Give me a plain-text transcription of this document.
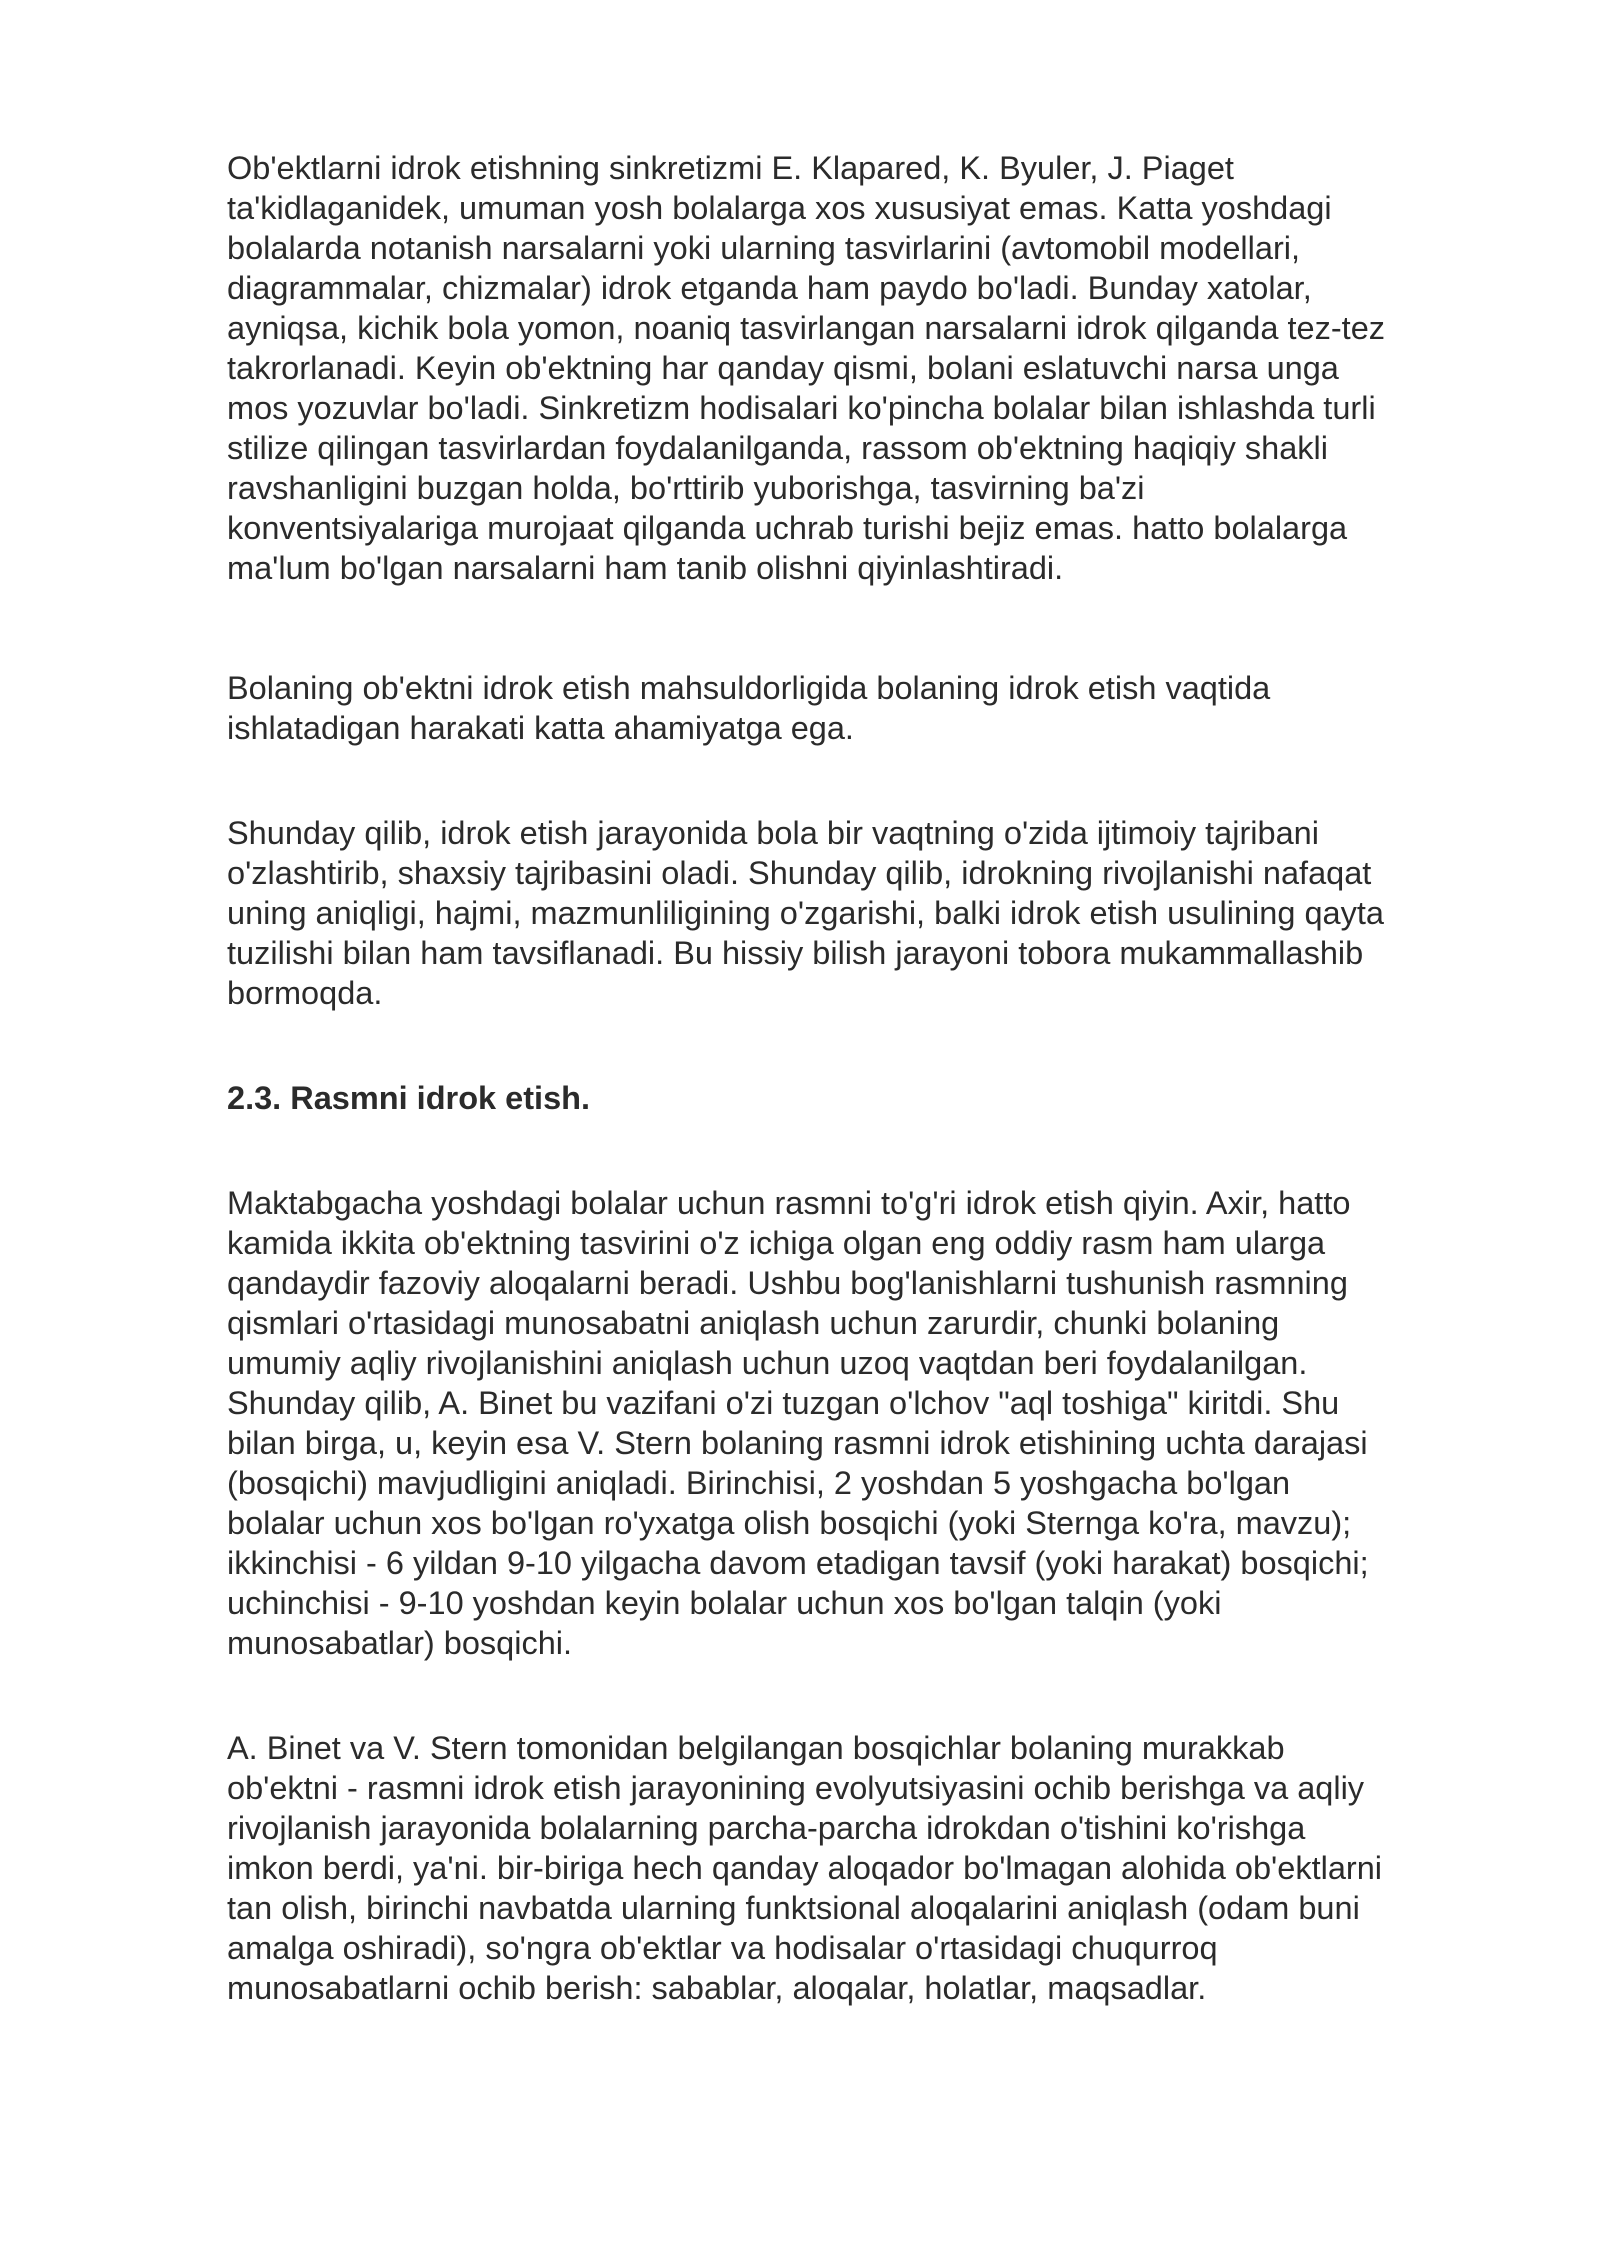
Ob'ektlarni idrok etishning sinkretizmi E. Klapared, K. Byuler, J. Piaget
ta'kidlaganidek, umuman yosh bolalarga xos xususiyat emas. Katta yoshdagi
bolalarda notanish narsalarni yoki ularning tasvirlarini (avtomobil modellari,
diagrammalar, chizmalar) idrok etganda ham paydo bo'ladi. Bunday xatolar,
ayniqsa, kichik bola yomon, noaniq tasvirlangan narsalarni idrok qilganda tez-tez
takrorlanadi. Keyin ob'ektning har qanday qismi, bolani eslatuvchi narsa unga
mos yozuvlar bo'ladi. Sinkretizm hodisalari ko'pincha bolalar bilan ishlashda turli
stilize qilingan tasvirlardan foydalanilganda, rassom ob'ektning haqiqiy shakli
ravshanligini buzgan holda, bo'rttirib yuborishga, tasvirning ba'zi
konventsiyalariga murojaat qilganda uchrab turishi bejiz emas. hatto bolalarga
ma'lum bo'lgan narsalarni ham tanib olishni qiyinlashtiradi.

Bolaning ob'ektni idrok etish mahsuldorligida bolaning idrok etish vaqtida
ishlatadigan harakati katta ahamiyatga ega.

Shunday qilib, idrok etish jarayonida bola bir vaqtning o'zida ijtimoiy tajribani
o'zlashtirib, shaxsiy tajribasini oladi. Shunday qilib, idrokning rivojlanishi nafaqat
uning aniqligi, hajmi, mazmunliligining o'zgarishi, balki idrok etish usulining qayta
tuzilishi bilan ham tavsiflanadi. Bu hissiy bilish jarayoni tobora mukammallashib
bormoqda.

2.3. Rasmni idrok etish.

Maktabgacha yoshdagi bolalar uchun rasmni to'g'ri idrok etish qiyin. Axir, hatto
kamida ikkita ob'ektning tasvirini o'z ichiga olgan eng oddiy rasm ham ularga
qandaydir fazoviy aloqalarni beradi. Ushbu bog'lanishlarni tushunish rasmning
qismlari o'rtasidagi munosabatni aniqlash uchun zarurdir, chunki bolaning
umumiy aqliy rivojlanishini aniqlash uchun uzoq vaqtdan beri foydalanilgan.
Shunday qilib, A. Binet bu vazifani o'zi tuzgan o'lchov "aql toshiga" kiritdi. Shu
bilan birga, u, keyin esa V. Stern bolaning rasmni idrok etishining uchta darajasi
(bosqichi) mavjudligini aniqladi. Birinchisi, 2 yoshdan 5 yoshgacha bo'lgan
bolalar uchun xos bo'lgan ro'yxatga olish bosqichi (yoki Sternga ko'ra, mavzu);
ikkinchisi - 6 yildan 9-10 yilgacha davom etadigan tavsif (yoki harakat) bosqichi;
uchinchisi - 9-10 yoshdan keyin bolalar uchun xos bo'lgan talqin (yoki
munosabatlar) bosqichi.

A. Binet va V. Stern tomonidan belgilangan bosqichlar bolaning murakkab
ob'ektni - rasmni idrok etish jarayonining evolyutsiyasini ochib berishga va aqliy
rivojlanish jarayonida bolalarning parcha-parcha idrokdan o'tishini ko'rishga
imkon berdi, ya'ni. bir-biriga hech qanday aloqador bo'lmagan alohida ob'ektlarni
tan olish, birinchi navbatda ularning funktsional aloqalarini aniqlash (odam buni
amalga oshiradi), so'ngra ob'ektlar va hodisalar o'rtasidagi chuqurroq
munosabatlarni ochib berish: sabablar, aloqalar, holatlar, maqsadlar.
